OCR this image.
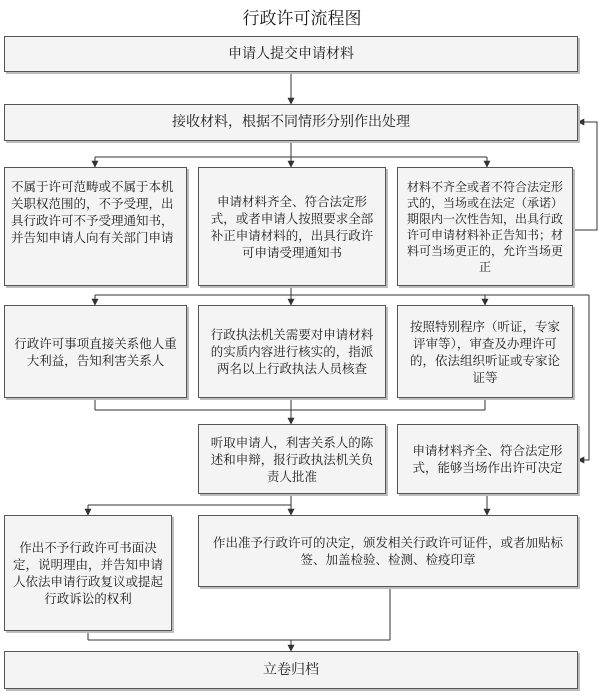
行政许可流程图
申请人提交申请材料
接收材料，根据不同情形分别作出处理
不属于许可范畴或不属于本机关职权范围的，不予受理，出具行政许可不予受理通知书，并告知申请人向有关部门申请
申请材料齐全、符合法定形式，或者申请人按照要求全部补正申请材料的，出具行政许可申请受理通知书
材料不齐全或者不符合法定形式的，当场或在法定（承诺）期限内一次性告知，出具行政许可申请材料补正告知书；材料可当场更正的，允许当场更正
行政许可事项直接关系他人重大利益，告知利害关系人
行政执法机关需要对申请材料的实质内容进行核实的，指派两名以上行政执法人员核查
按照特别程序（听证，专家评审等），审查及办理许可的，依法组织听证或专家论证等
听取申请人，利害关系人的陈述和申辩，报行政执法机关负责人批准
申请材料齐全、符合法定形式，能够当场作出许可决定
作出不予行政许可书面决定，说明理由，并告知申请人依法申请行政复议或提起行政诉讼的权利
作出准予行政许可的决定，颁发相关行政许可证件，或者加贴标签、加盖检验、检测、检疫印章
立卷归档
